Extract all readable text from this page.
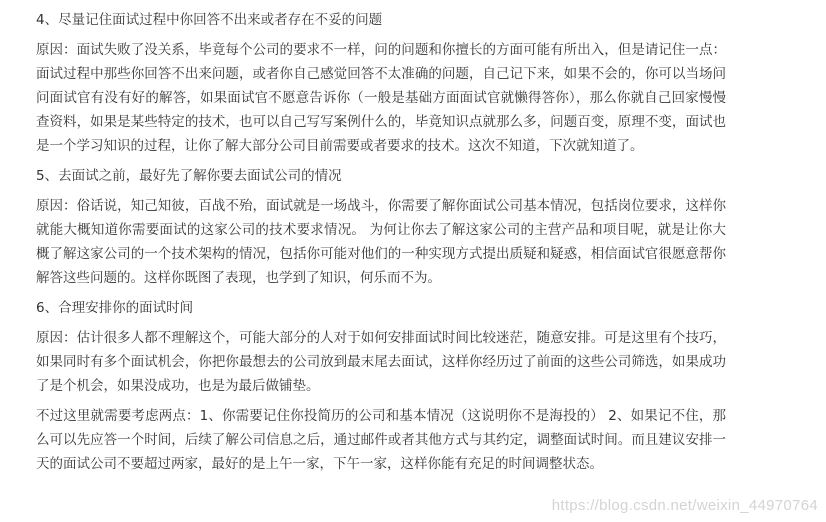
4、尽量记住面试过程中你回答不出来或者存在不妥的问题
原因：面试失败了没关系，毕竟每个公司的要求不一样，问的问题和你擅长的方面可能有所出入，但是请记住一点：面试过程中那些你回答不出来问题，或者你自己感觉回答不太准确的问题，自己记下来，如果不会的，你可以当场问问面试官有没有好的解答，如果面试官不愿意告诉你（一般是基础方面面试官就懒得答你），那么你就自己回家慢慢查资料，如果是某些特定的技术，也可以自己写写案例什么的，毕竟知识点就那么多，问题百变，原理不变，面试也是一个学习知识的过程，让你了解大部分公司目前需要或者要求的技术。这次不知道，下次就知道了。
5、去面试之前，最好先了解你要去面试公司的情况
原因：俗话说，知己知彼，百战不殆，面试就是一场战斗，你需要了解你面试公司基本情况，包括岗位要求，这样你就能大概知道你需要面试的这家公司的技术要求情况。 为何让你去了解这家公司的主营产品和项目呢，就是让你大概了解这家公司的一个技术架构的情况，包括你可能对他们的一种实现方式提出质疑和疑惑，相信面试官很愿意帮你解答这些问题的。这样你既图了表现，也学到了知识，何乐而不为。
6、合理安排你的面试时间
原因：估计很多人都不理解这个，可能大部分的人对于如何安排面试时间比较迷茫，随意安排。可是这里有个技巧，如果同时有多个面试机会，你把你最想去的公司放到最末尾去面试，这样你经历过了前面的这些公司筛选，如果成功了是个机会，如果没成功，也是为最后做铺垫。
不过这里就需要考虑两点：1、你需要记住你投简历的公司和基本情况（这说明你不是海投的） 2、如果记不住，那么可以先应答一个时间，后续了解公司信息之后，通过邮件或者其他方式与其约定，调整面试时间。而且建议安排一天的面试公司不要超过两家，最好的是上午一家，下午一家，这样你能有充足的时间调整状态。
https://blog.csdn.net/weixin_44970764
